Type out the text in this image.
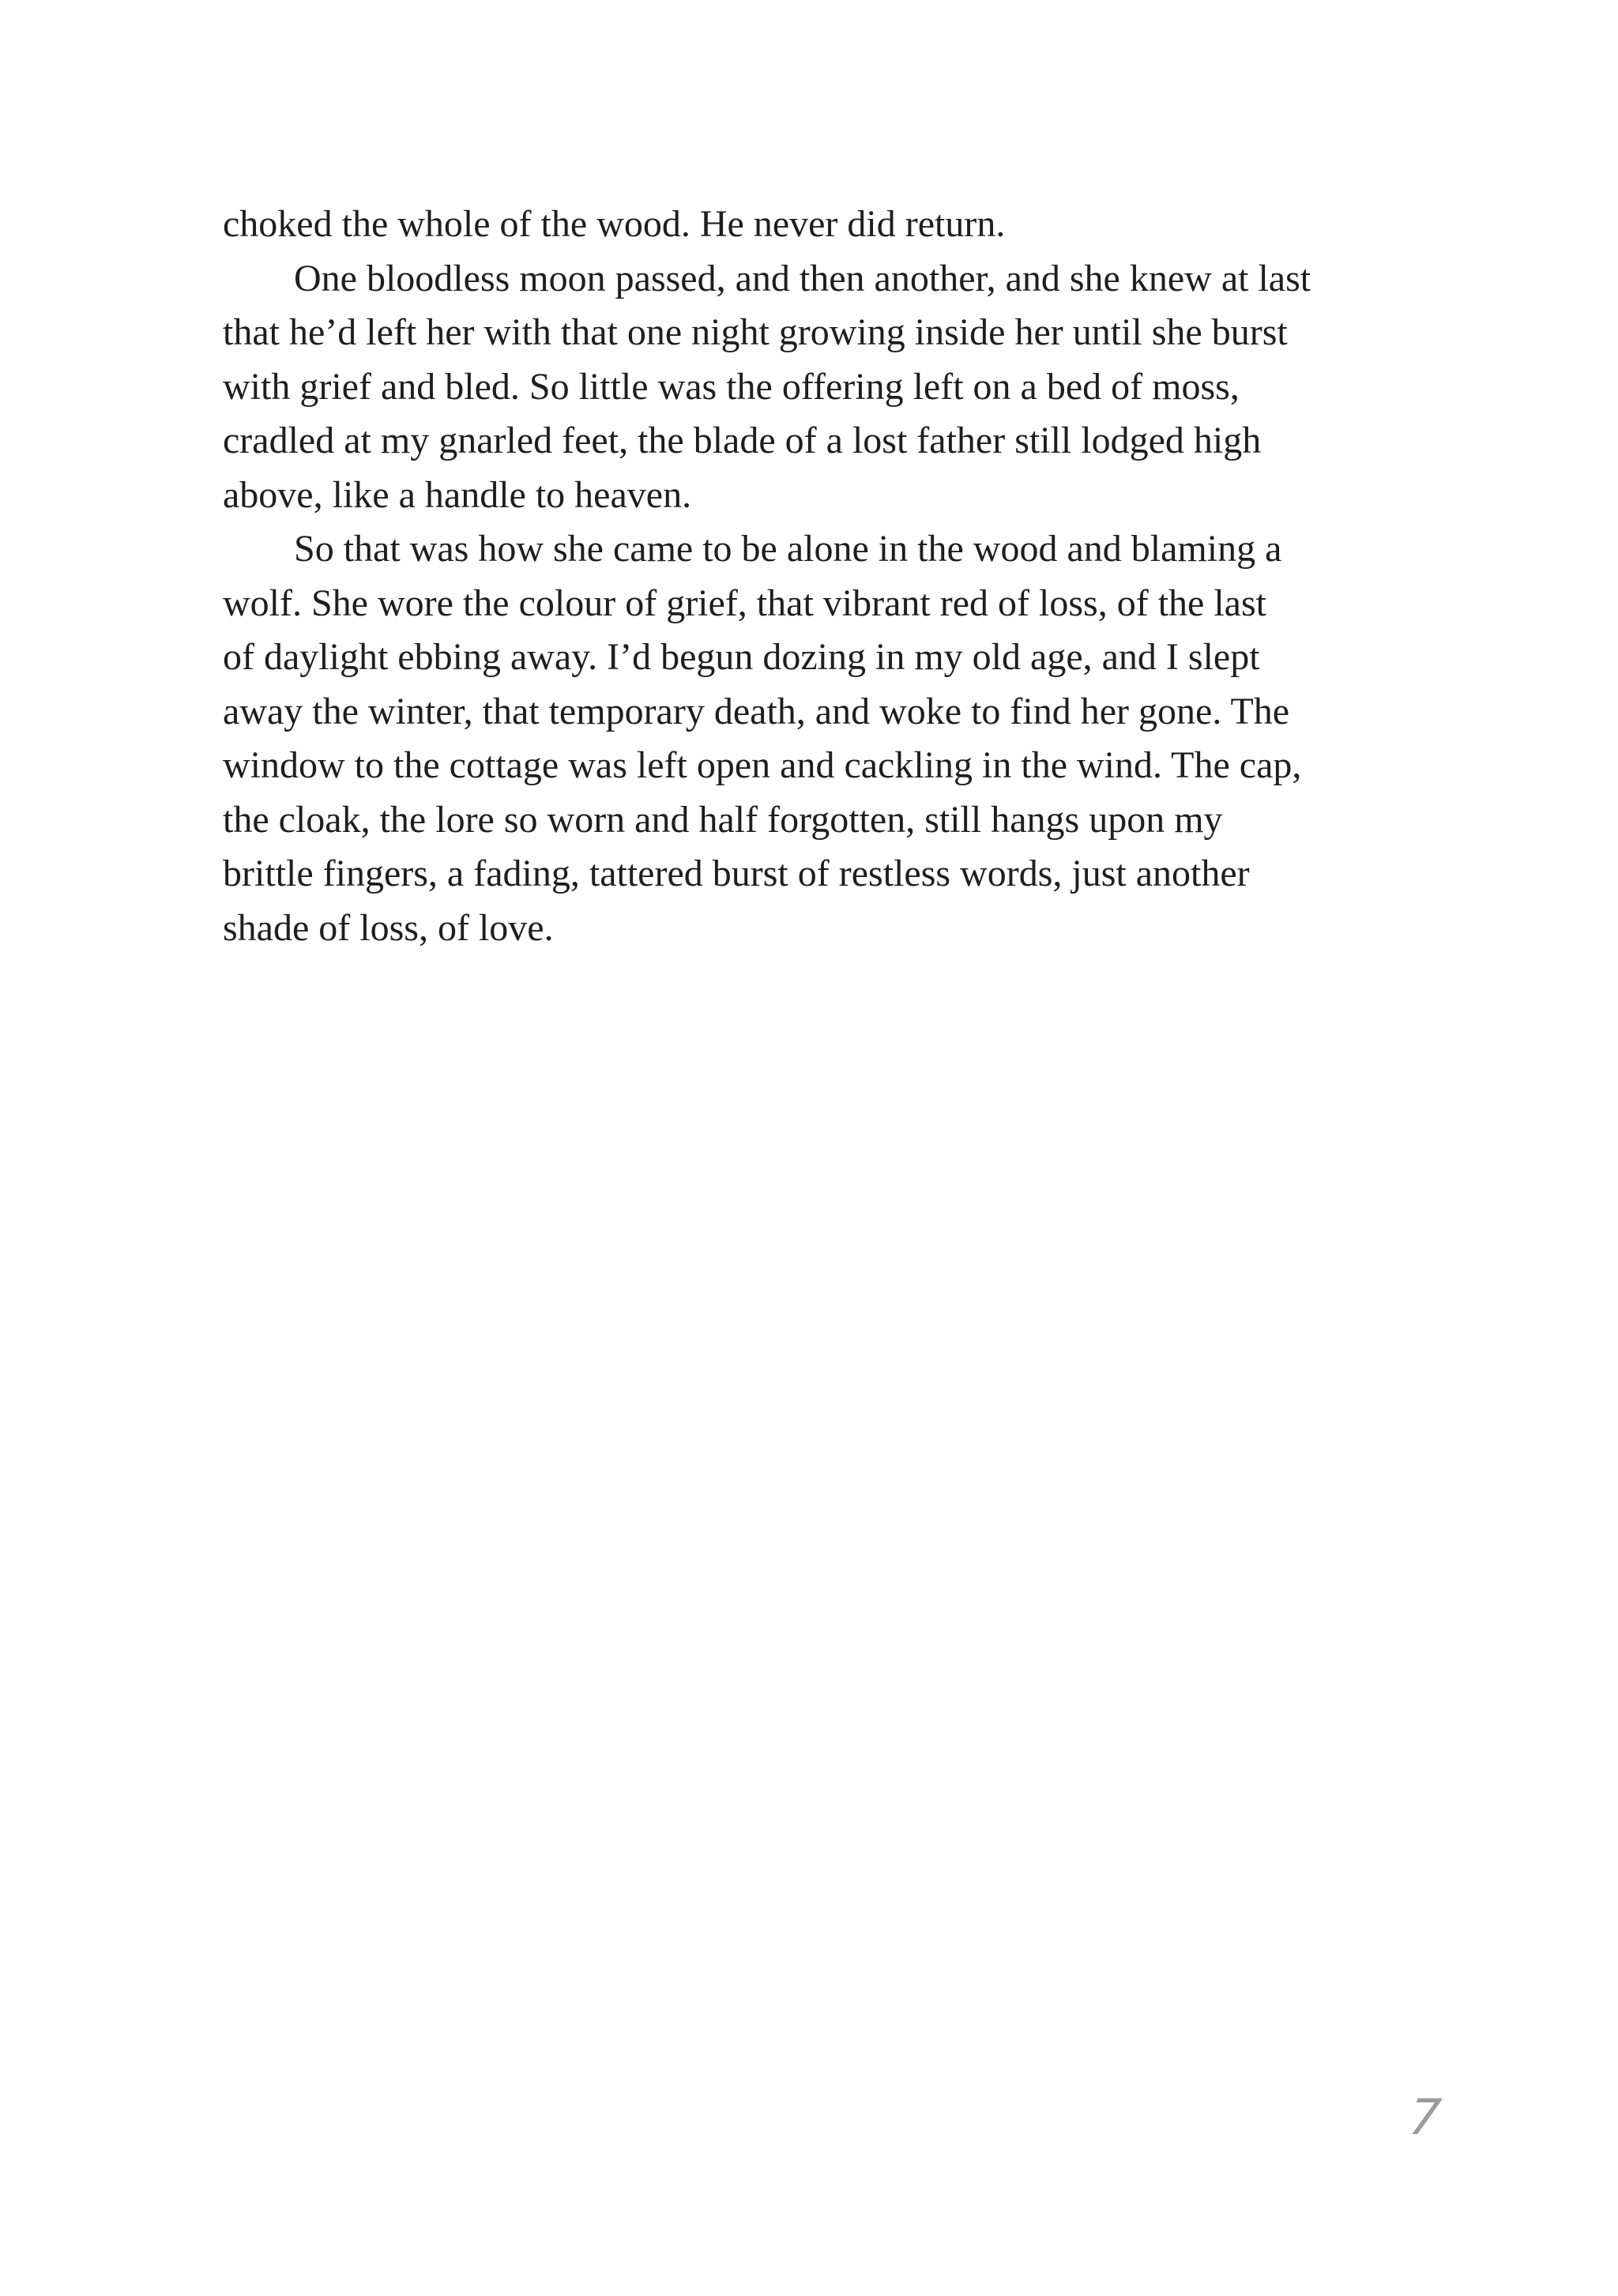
choked the whole of the wood. He never did return.
One bloodless moon passed, and then another, and she knew at last
that he’d left her with that one night growing inside her until she burst
with grief and bled. So little was the offering left on a bed of moss,
cradled at my gnarled feet, the blade of a lost father still lodged high
above, like a handle to heaven.
So that was how she came to be alone in the wood and blaming a
wolf. She wore the colour of grief, that vibrant red of loss, of the last
of daylight ebbing away. I’d begun dozing in my old age, and I slept
away the winter, that temporary death, and woke to find her gone. The
window to the cottage was left open and cackling in the wind. The cap,
the cloak, the lore so worn and half forgotten, still hangs upon my
brittle fingers, a fading, tattered burst of restless words, just another
shade of loss, of love.
7
